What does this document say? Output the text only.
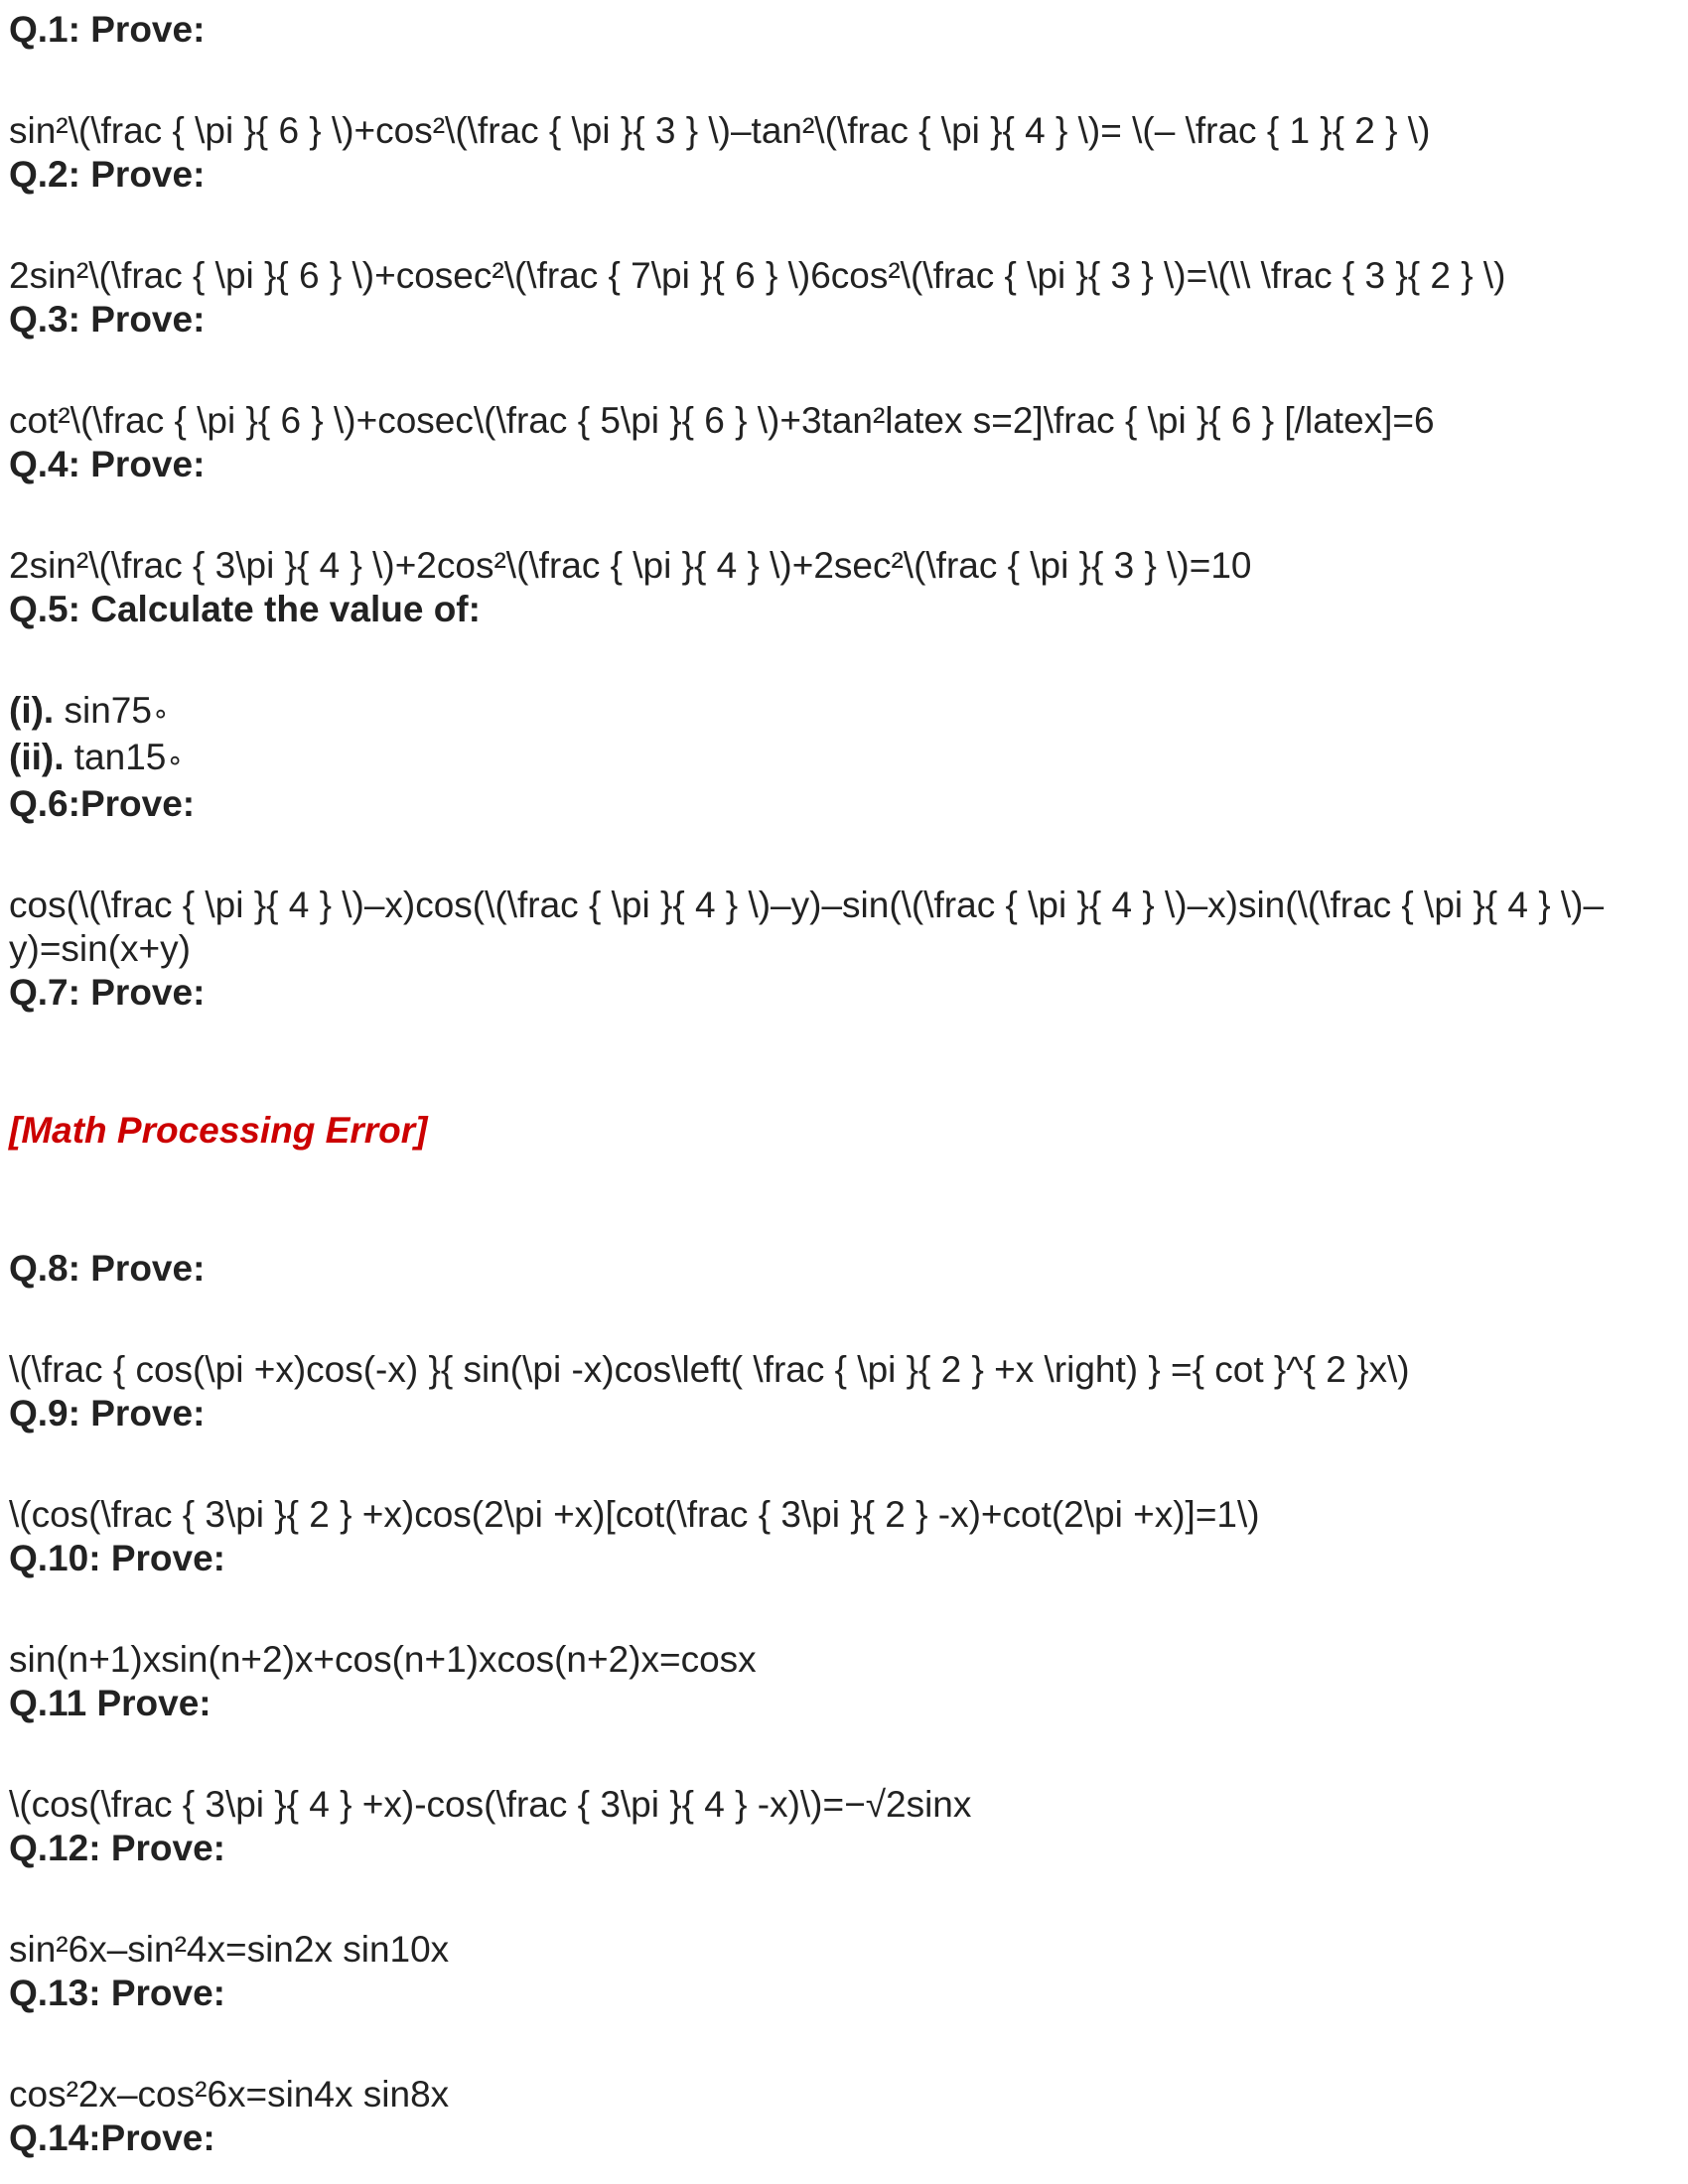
Q.1: Prove:

sin²\(\frac { \pi }{ 6 } \)+cos²\(\frac { \pi }{ 3 } \)–tan²\(\frac { \pi }{ 4 } \)= \(– \frac { 1 }{ 2 } \)

Q.2: Prove:

2sin²\(\frac { \pi }{ 6 } \)+cosec²\(\frac { 7\pi }{ 6 } \)6cos²\(\frac { \pi }{ 3 } \)=\(\\ \frac { 3 }{ 2 } \)

Q.3: Prove:

cot²\(\frac { \pi }{ 6 } \)+cosec\(\frac { 5\pi }{ 6 } \)+3tan²latex s=2]\frac { \pi }{ 6 } [/latex]=6

Q.4: Prove:

2sin²\(\frac { 3\pi }{ 4 } \)+2cos²\(\frac { \pi }{ 4 } \)+2sec²\(\frac { \pi }{ 3 } \)=10

Q.5: Calculate the value of:

(i). sin75∘

(ii). tan15∘

Q.6:Prove:

cos(\(\frac { \pi }{ 4 } \)–x)cos(\(\frac { \pi }{ 4 } \)–y)–sin(\(\frac { \pi }{ 4 } \)–x)sin(\(\frac { \pi }{ 4 } \)–y)=sin(x+y)

Q.7: Prove:

[Math Processing Error]

Q.8: Prove:

\(\frac { cos(\pi +x)cos(-x) }{ sin(\pi -x)cos\left( \frac { \pi }{ 2 } +x \right) } ={ cot }^{ 2 }x\)

Q.9: Prove:

\(cos(\frac { 3\pi }{ 2 } +x)cos(2\pi +x)[cot(\frac { 3\pi }{ 2 } -x)+cot(2\pi +x)]=1\)

Q.10: Prove:

sin(n+1)xsin(n+2)x+cos(n+1)xcos(n+2)x=cosx

Q.11 Prove:

\(cos(\frac { 3\pi }{ 4 } +x)-cos(\frac { 3\pi }{ 4 } -x)\)=−√2sinx

Q.12: Prove:

sin²6x–sin²4x=sin2x sin10x

Q.13: Prove:

cos²2x–cos²6x=sin4x sin8x

Q.14:Prove:
